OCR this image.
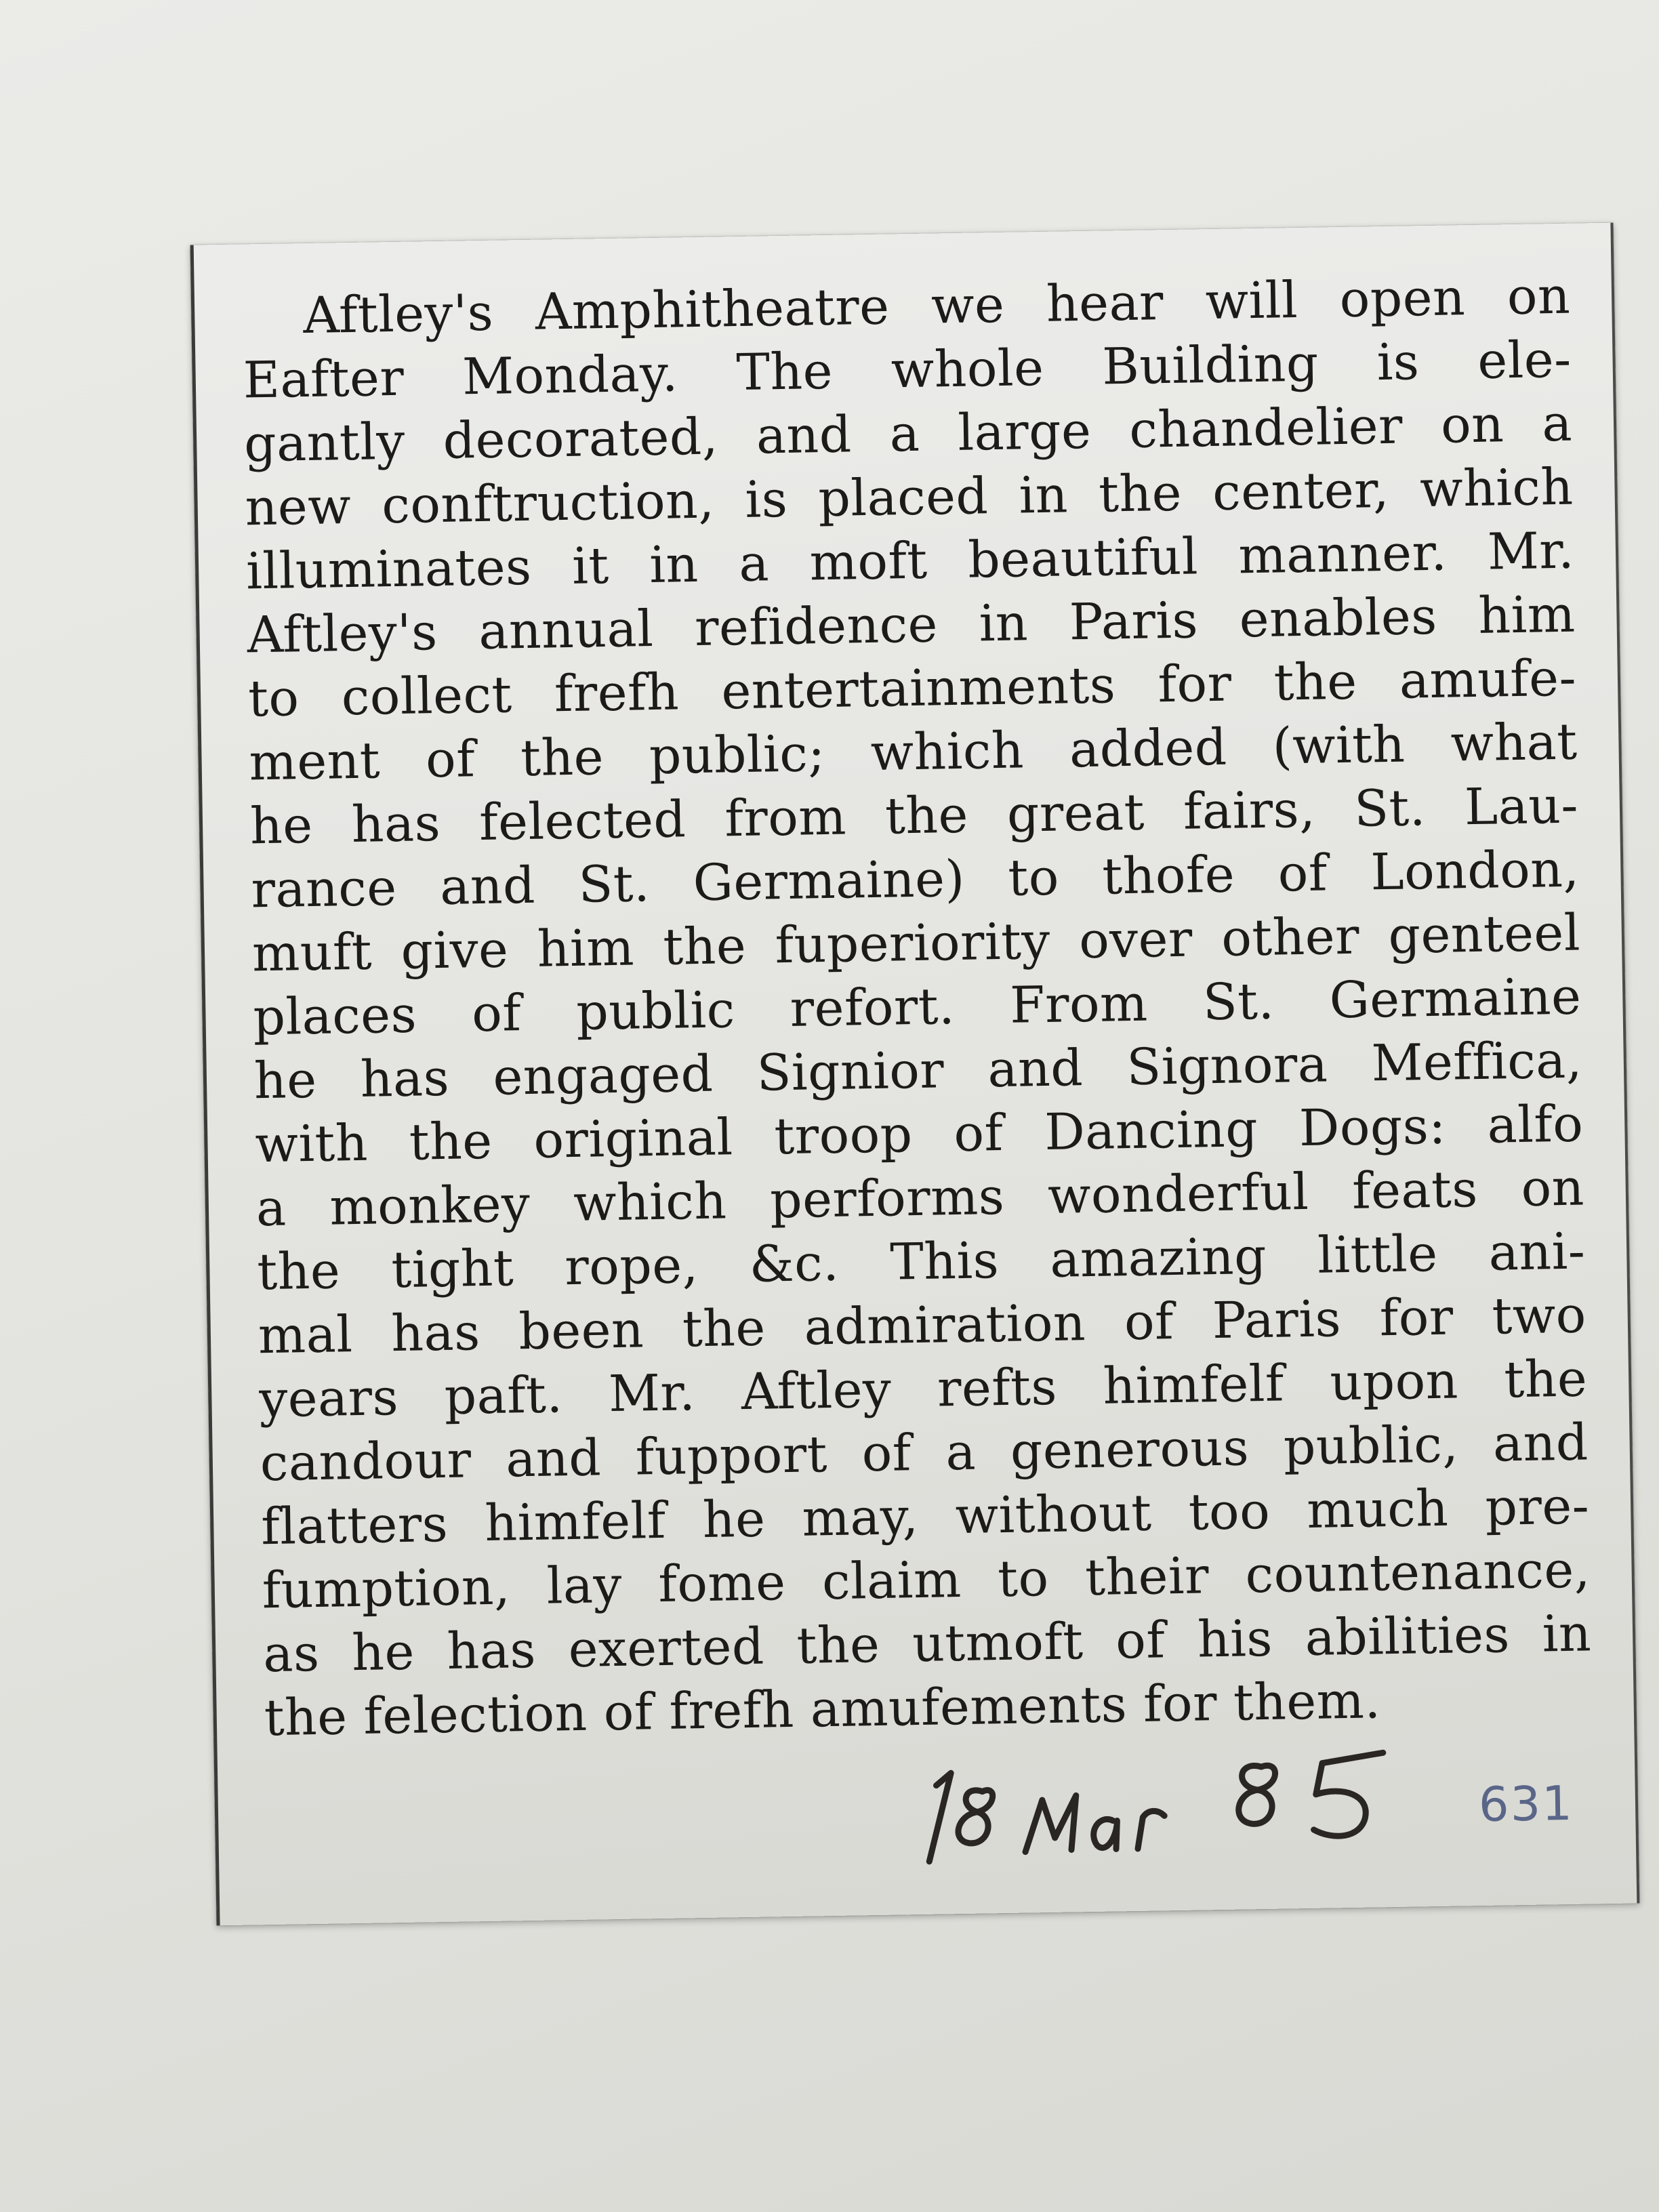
Aftley's Amphitheatre we hear will open on
Eafter Monday. The whole Building is ele-
gantly decorated, and a large chandelier on a
new conftruction, is placed in the center, which
illuminates it in a moft beautiful manner. Mr.
Aftley's annual refidence in Paris enables him
to collect frefh entertainments for the amufe-
ment of the public; which added (with what
he has felected from the great fairs, St. Lau-
rance and St. Germaine) to thofe of London,
muft give him the fuperiority over other genteel
places of public refort. From St. Germaine
he has engaged Signior and Signora Meffica,
with the original troop of Dancing Dogs: alfo
a monkey which performs wonderful feats on
the tight rope, &c. This amazing little ani-
mal has been the admiration of Paris for two
years paft. Mr. Aftley refts himfelf upon the
candour and fupport of a generous public, and
flatters himfelf he may, without too much pre-
fumption, lay fome claim to their countenance,
as he has exerted the utmoft of his abilities in
the felection of frefh amufements for them.
631
